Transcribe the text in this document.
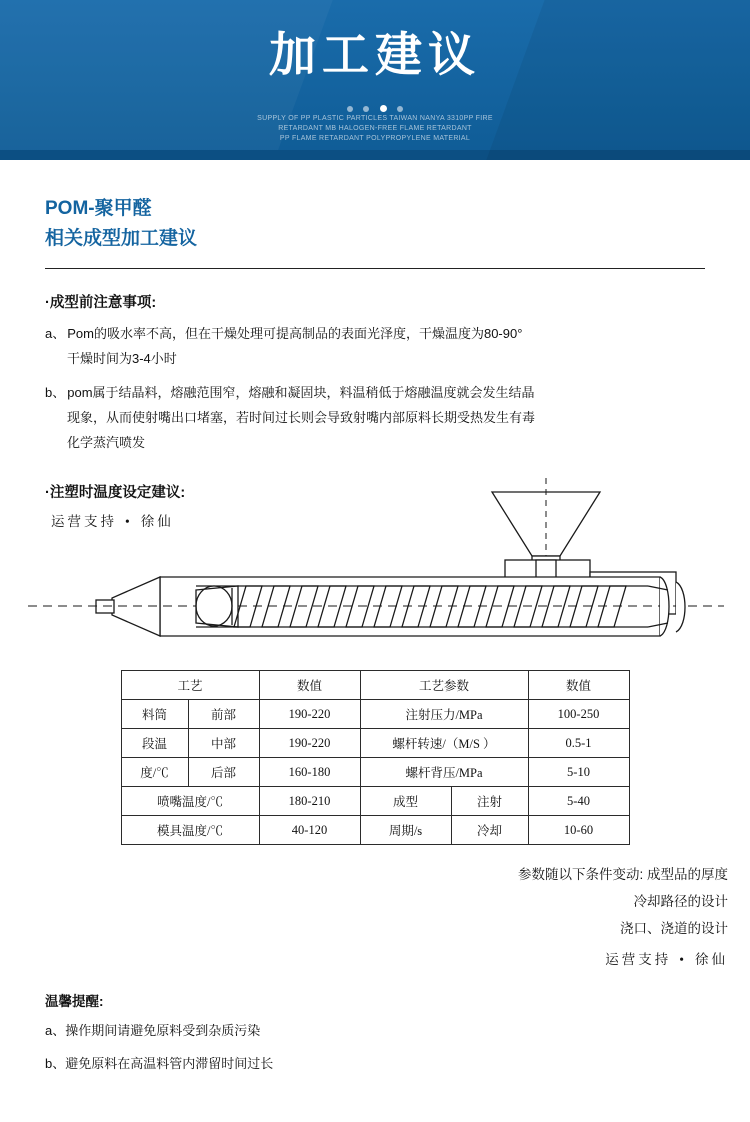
加工建议

SUPPLY OF PP PLASTIC PARTICLES TAIWAN NANYA 3310PP FIRE
RETARDANT MB HALOGEN-FREE FLAME RETARDANT
PP FLAME RETARDANT POLYPROPYLENE MATERIAL
POM-聚甲醛
相关成型加工建议
·成型前注意事项:
a、 Pom的吸水率不高，但在干燥处理可提高制品的表面光泽度，干燥温度为80-90°
干燥时间为3-4小时
b、 pom属于结晶料，熔融范围窄，熔融和凝固块，料温稍低于熔融温度就会发生结晶
现象，从而使射嘴出口堵塞，若时间过长则会导致射嘴内部原料长期受热发生有毒
化学蒸汽喷发
·注塑时温度设定建议:
运营支持 • 徐仙
工艺		数值	工艺参数		数值
料筒	前部	190-220	注射压力/MPa		100-250
段温	中部	190-220	螺杆转速/（M/S ）		0.5-1
度/℃	后部	160-180	螺杆背压/MPa		5-10
喷嘴温度/℃		180-210	成型	注射	5-40
模具温度/℃		40-120	周期/s	冷却	10-60
参数随以下条件变动: 成型品的厚度
冷却路径的设计
浇口、浇道的设计
运营支持 • 徐仙
温馨提醒:
a、操作期间请避免原料受到杂质污染
b、避免原料在高温料管内滞留时间过长
